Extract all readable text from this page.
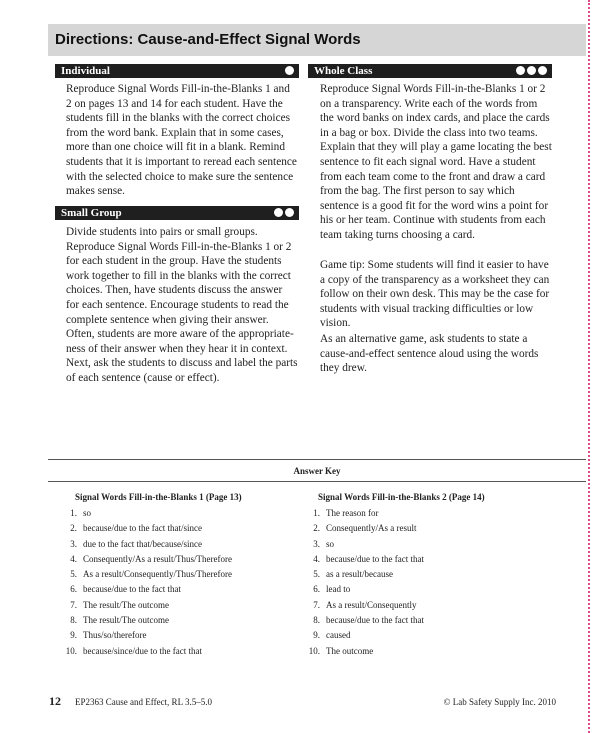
Directions: Cause-and-Effect Signal Words
Individual

Reproduce Signal Words Fill-in-the-Blanks 1 and 2 on pages 13 and 14 for each student. Have the students fill in the blanks with the correct choices from the word bank. Explain that in some cases, more than one choice will fit in a blank. Remind students that it is important to reread each sentence with the selected choice to make sure the sentence makes sense.

Small Group

Divide students into pairs or small groups. Reproduce Signal Words Fill-in-the-Blanks 1 or 2 for each student in the group. Have the students work together to fill in the blanks with the correct choices. Then, have students discuss the answer for each sentence. Encourage students to read the complete sentence when giving their answer. Often, students are more aware of the appropriate-ness of their answer when they hear it in context. Next, ask the students to discuss and label the parts of each sentence (cause or effect).

Whole Class

Reproduce Signal Words Fill-in-the-Blanks 1 or 2 on a transparency. Write each of the words from the word banks on index cards, and place the cards in a bag or box. Divide the class into two teams. Explain that they will play a game locating the best sentence to fit each signal word. Have a student from each team come to the front and draw a card from the bag. The first person to say which sentence is a good fit for the word wins a point for his or her team. Continue with students from each team taking turns choosing a card.

Game tip: Some students will find it easier to have a copy of the transparency as a worksheet they can follow on their own desk. This may be the case for students with visual tracking difficulties or low vision.

As an alternative game, ask students to state a cause-and-effect sentence aloud using the words they drew.

Answer Key
Signal Words Fill-in-the-Blanks 1 (Page 13)
1. so
2. because/due to the fact that/since
3. due to the fact that/because/since
4. Consequently/As a result/Thus/Therefore
5. As a result/Consequently/Thus/Therefore
6. because/due to the fact that
7. The result/The outcome
8. The result/The outcome
9. Thus/so/therefore
10. because/since/due to the fact that
Signal Words Fill-in-the-Blanks 2 (Page 14)
1. The reason for
2. Consequently/As a result
3. so
4. because/due to the fact that
5. as a result/because
6. lead to
7. As a result/Consequently
8. because/due to the fact that
9. caused
10. The outcome
12 EP2363 Cause and Effect, RL 3.5–5.0	© Lab Safety Supply Inc. 2010
